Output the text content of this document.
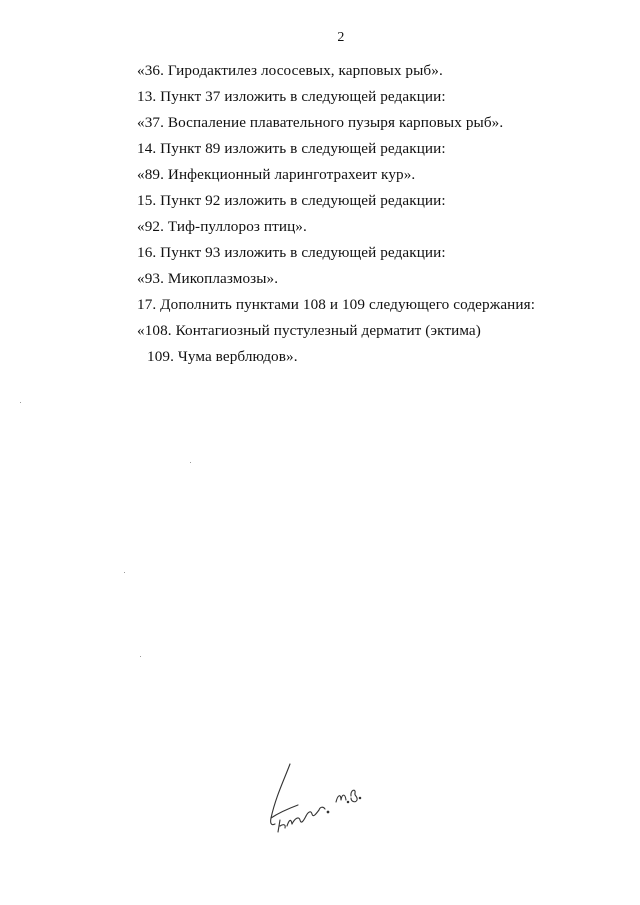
2
«36. Гиродактилез лососевых, карповых рыб».
13. Пункт 37 изложить в следующей редакции:
«37. Воспаление плавательного пузыря карповых рыб».
14. Пункт 89 изложить в следующей редакции:
«89. Инфекционный ларинготрахеит кур».
15. Пункт 92 изложить в следующей редакции:
«92. Тиф-пуллороз птиц».
16. Пункт 93 изложить в следующей редакции:
«93. Микоплазмозы».
17. Дополнить пунктами 108 и 109 следующего содержания:
«108. Контагиозный пустулезный дерматит (эктима)
109. Чума верблюдов».
